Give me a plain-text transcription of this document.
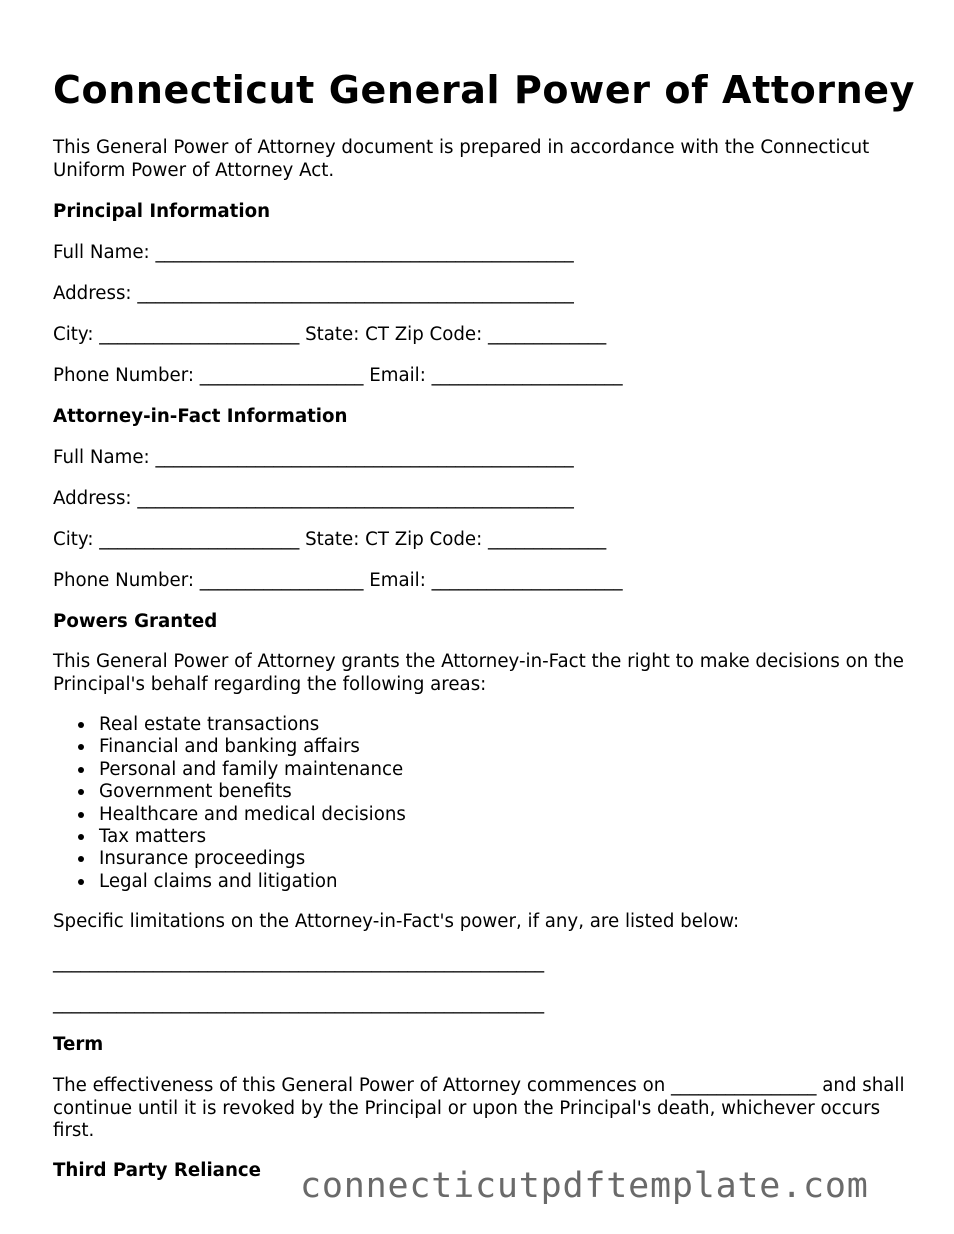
Connecticut General Power of Attorney

This General Power of Attorney document is prepared in accordance with the Connecticut Uniform Power of Attorney Act.

Principal Information

Full Name: ______________________________________________

Address: ________________________________________________

City: ______________________ State: CT Zip Code: _____________

Phone Number: __________________ Email: _____________________

Attorney-in-Fact Information

Full Name: ______________________________________________

Address: ________________________________________________

City: ______________________ State: CT Zip Code: _____________

Phone Number: __________________ Email: _____________________

Powers Granted

This General Power of Attorney grants the Attorney-in-Fact the right to make decisions on the Principal's behalf regarding the following areas:

Real estate transactions
Financial and banking affairs
Personal and family maintenance
Government benefits
Healthcare and medical decisions
Tax matters
Insurance proceedings
Legal claims and litigation

Specific limitations on the Attorney-in-Fact's power, if any, are listed below:

______________________________________________________

______________________________________________________

Term

The effectiveness of this General Power of Attorney commences on ________________ and shall continue until it is revoked by the Principal or upon the Principal's death, whichever occurs first.

Third Party Reliance connecticutpdftemplate.com
